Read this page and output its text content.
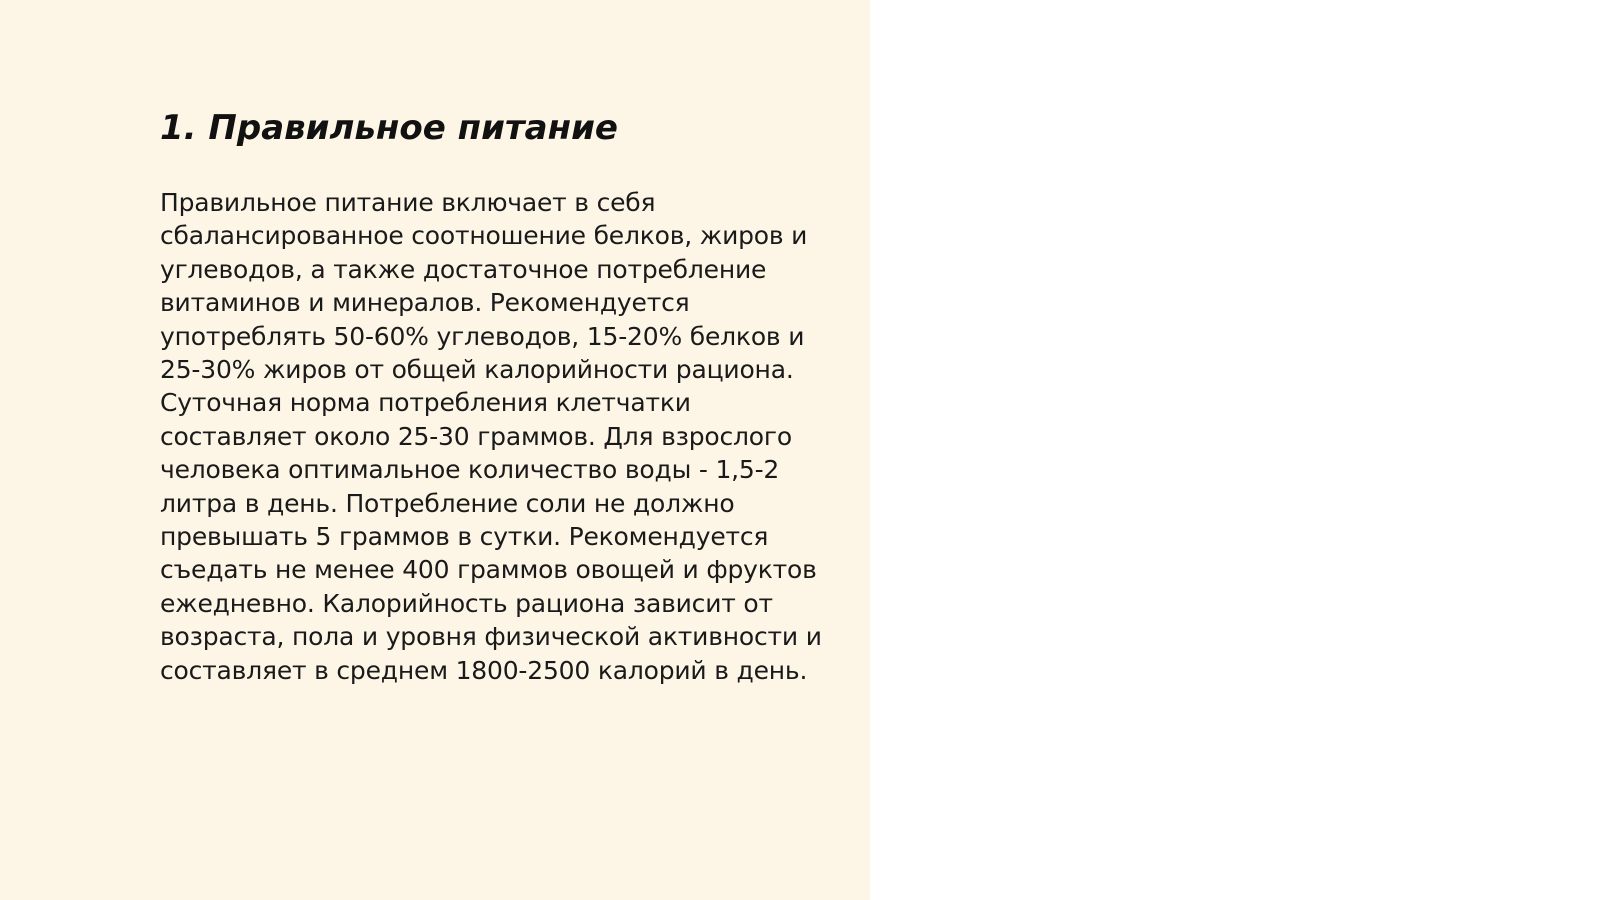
1. Правильное питание

Правильное питание включает в себя сбалансированное соотношение белков, жиров и углеводов, а также достаточное потребление витаминов и минералов. Рекомендуется употреблять 50-60% углеводов, 15-20% белков и 25-30% жиров от общей калорийности рациона. Суточная норма потребления клетчатки составляет около 25-30 граммов. Для взрослого человека оптимальное количество воды - 1,5-2 литра в день. Потребление соли не должно превышать 5 граммов в сутки. Рекомендуется съедать не менее 400 граммов овощей и фруктов ежедневно. Калорийность рациона зависит от возраста, пола и уровня физической активности и составляет в среднем 1800-2500 калорий в день.
